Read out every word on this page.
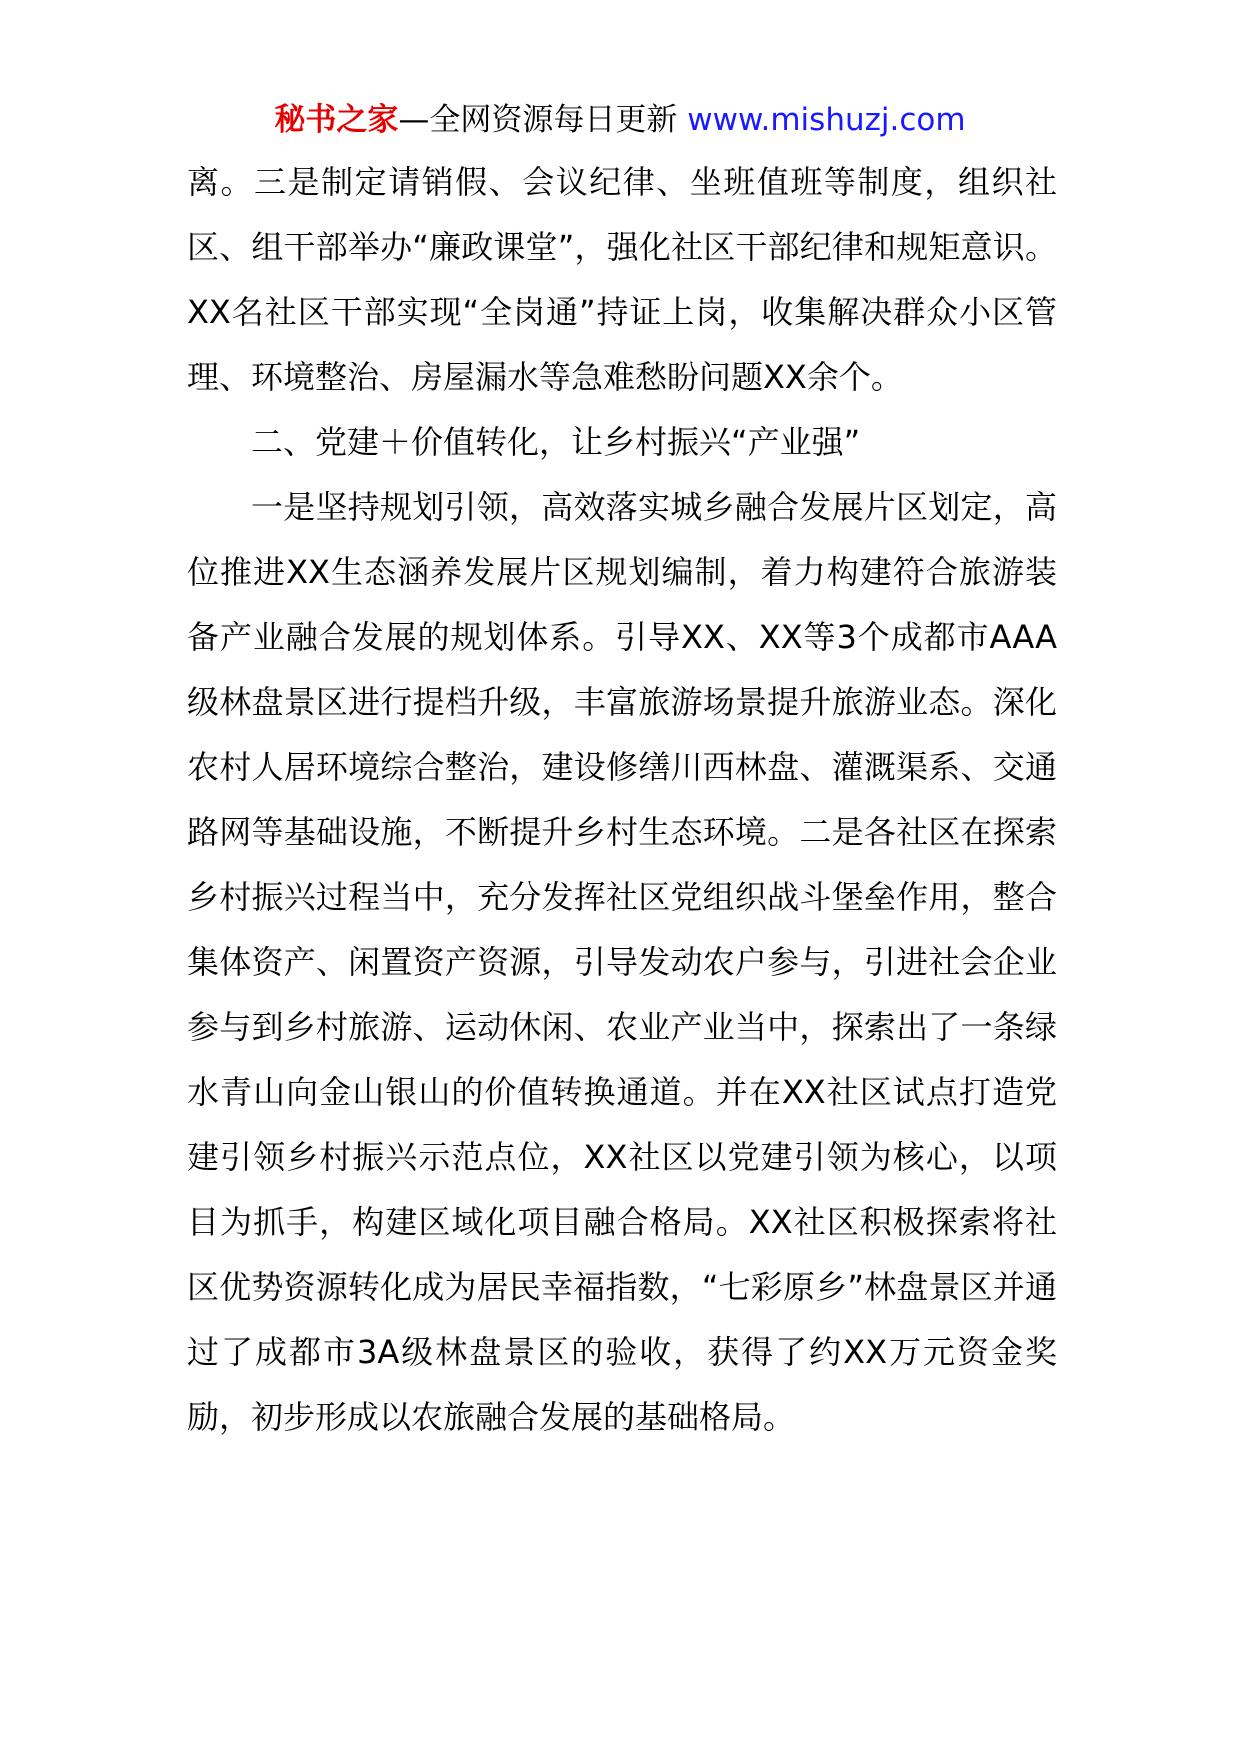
秘书之家—全网资源每日更新 www.mishuzj.com

离。三是制定请销假、会议纪律、坐班值班等制度，组织社区、组干部举办“廉政课堂”，强化社区干部纪律和规矩意识。XX名社区干部实现“全岗通”持证上岗，收集解决群众小区管理、环境整治、房屋漏水等急难愁盼问题XX余个。

二、党建＋价值转化，让乡村振兴“产业强”

一是坚持规划引领，高效落实城乡融合发展片区划定，高位推进XX生态涵养发展片区规划编制，着力构建符合旅游装备产业融合发展的规划体系。引导XX、XX等3个成都市AAA级林盘景区进行提档升级，丰富旅游场景提升旅游业态。深化农村人居环境综合整治，建设修缮川西林盘、灌溉渠系、交通路网等基础设施，不断提升乡村生态环境。二是各社区在探索乡村振兴过程当中，充分发挥社区党组织战斗堡垒作用，整合集体资产、闲置资产资源，引导发动农户参与，引进社会企业参与到乡村旅游、运动休闲、农业产业当中，探索出了一条绿水青山向金山银山的价值转换通道。并在XX社区试点打造党建引领乡村振兴示范点位，XX社区以党建引领为核心，以项目为抓手，构建区域化项目融合格局。XX社区积极探索将社区优势资源转化成为居民幸福指数，“七彩原乡”林盘景区并通过了成都市3A级林盘景区的验收，获得了约XX万元资金奖励，初步形成以农旅融合发展的基础格局。
